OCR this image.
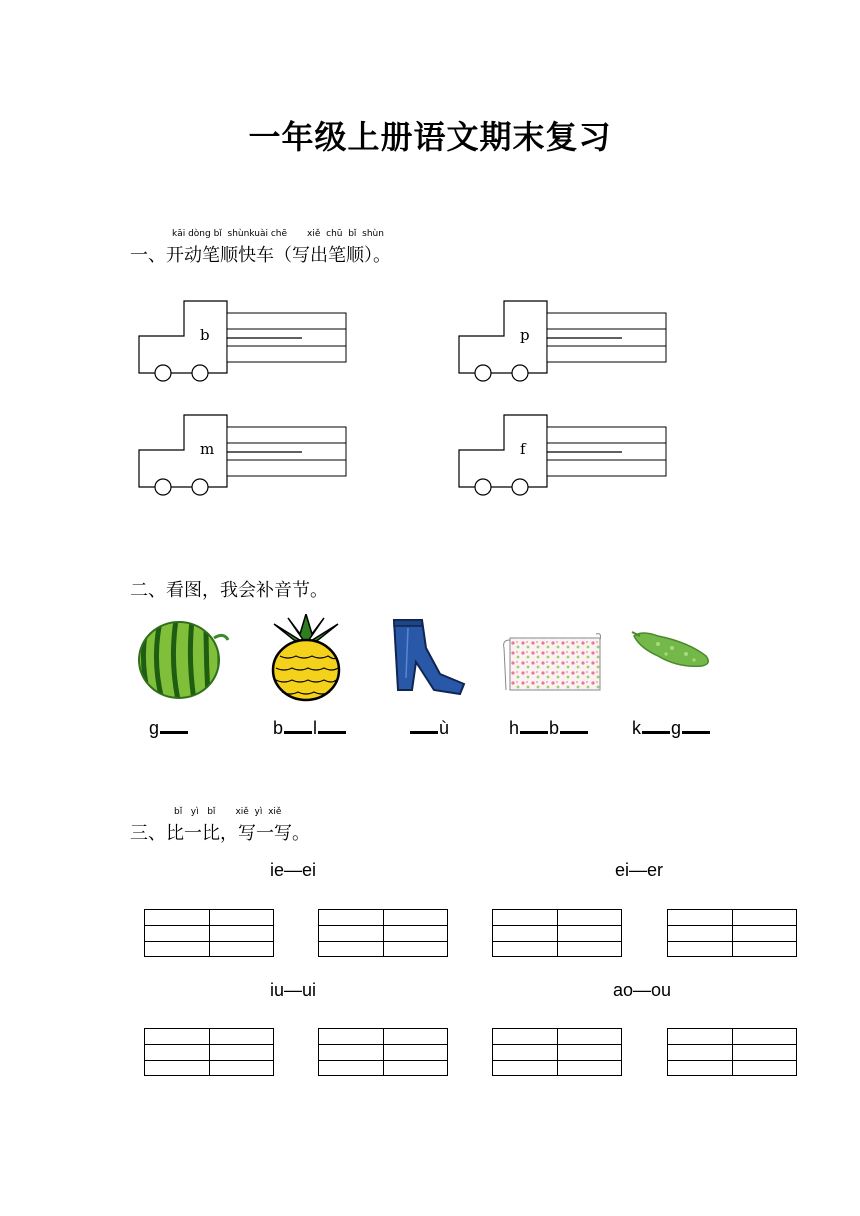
一年级上册语文期末复习
kāi dòng bǐ  shùnkuài chē       xiě  chū  bǐ  shùn
一、开动笔顺快车（写出笔顺）。
b	p
m	f
二、看图，我会补音节。
g	b l	ù	h b	k g
bǐ   yì   bǐ       xiě  yì  xiě
三、比一比，写一写。
ie—ei	ei—er
iu—ui	ao—ou
